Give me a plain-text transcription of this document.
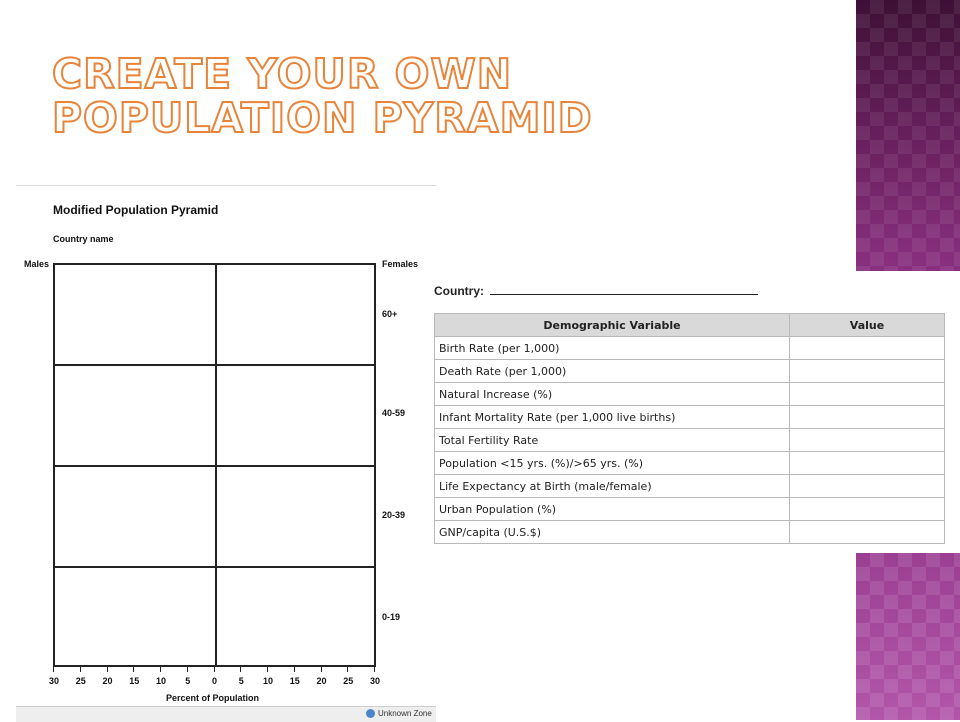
CREATE YOUR OWN
POPULATION PYRAMID
Modified Population Pyramid
Country name
Males	Females
60+
40-59
20-39
0-19
30	25	20	15	10	5	0	5	10	15	20	25	30
Percent of Population
Unknown Zone
Country:
Demographic Variable	Value
Birth Rate (per 1,000)	
Death Rate (per 1,000)	
Natural Increase (%)	
Infant Mortality Rate (per 1,000 live births)	
Total Fertility Rate	
Population <15 yrs. (%)/>65 yrs. (%)	
Life Expectancy at Birth (male/female)	
Urban Population (%)	
GNP/capita (U.S.$)	
